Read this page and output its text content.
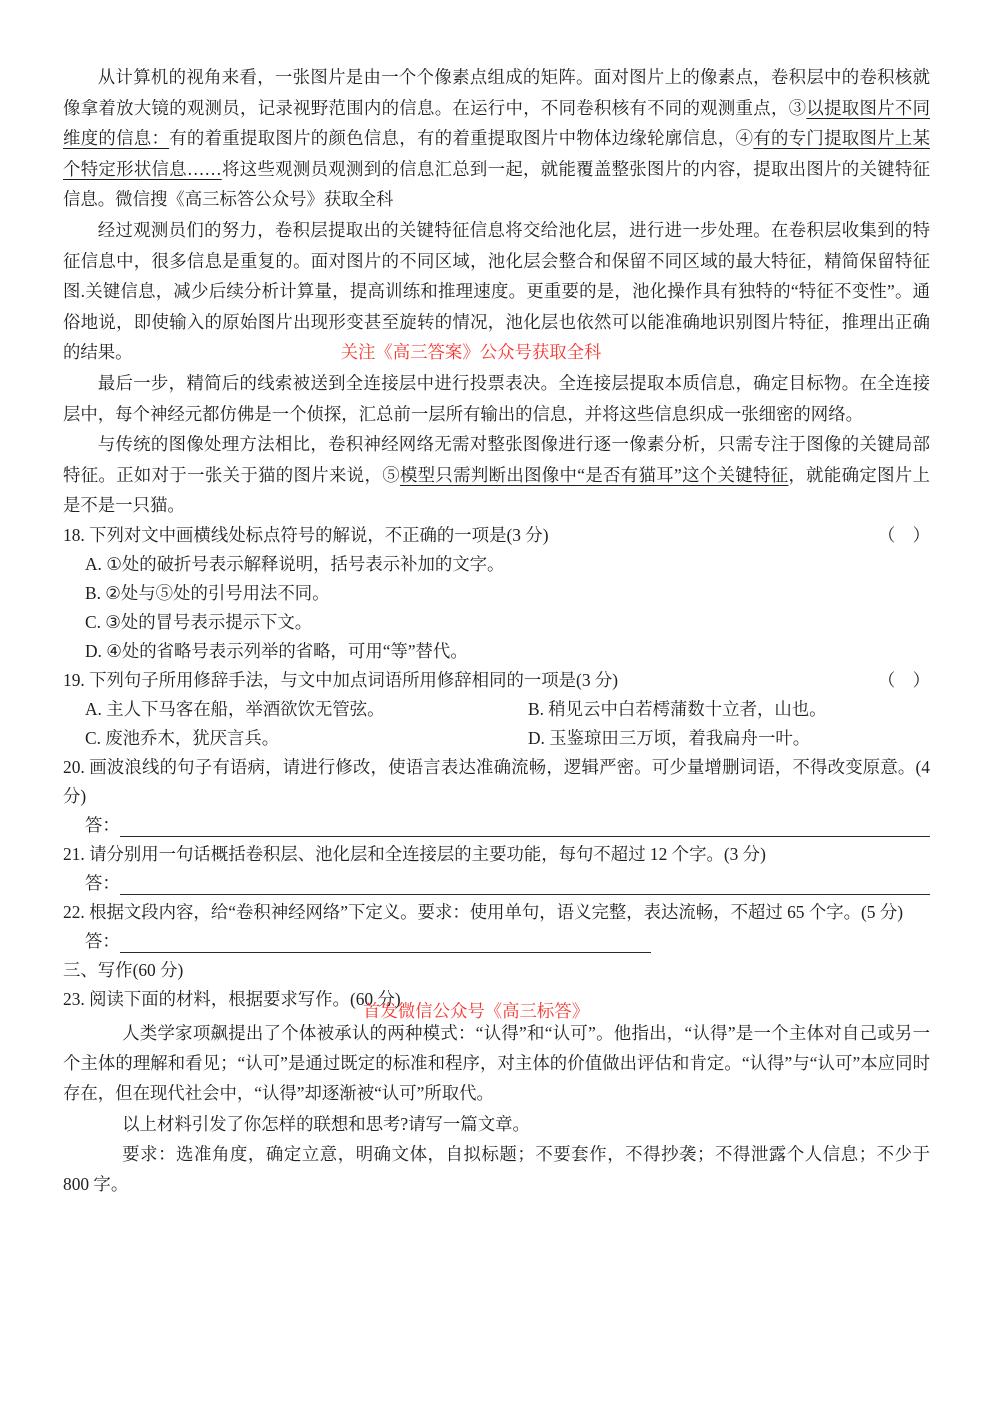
从计算机的视角来看，一张图片是由一个个像素点组成的矩阵。面对图片上的像素点，卷积层中的卷积核就像拿着放大镜的观测员，记录视野范围内的信息。在运行中，不同卷积核有不同的观测重点，③以提取图片不同维度的信息：有的着重提取图片的颜色信息，有的着重提取图片中物体边缘轮廓信息，④有的专门提取图片上某个特定形状信息……将这些观测员观测到的信息汇总到一起，就能覆盖整张图片的内容，提取出图片的关键特征信息。微信搜《高三标答公众号》获取全科

经过观测员们的努力，卷积层提取出的关键特征信息将交给池化层，进行进一步处理。在卷积层收集到的特征信息中，很多信息是重复的。面对图片的不同区域，池化层会整合和保留不同区域的最大特征，精简保留特征图.关键信息，减少后续分析计算量，提高训练和推理速度。更重要的是，池化操作具有独特的“特征不变性”。通俗地说，即使输入的原始图片出现形变甚至旋转的情况，池化层也依然可以能准确地识别图片特征，推理出正确的结果。	关注《高三答案》公众号获取全科

最后一步，精简后的线索被送到全连接层中进行投票表决。全连接层提取本质信息，确定目标物。在全连接层中，每个神经元都仿佛是一个侦探，汇总前一层所有输出的信息，并将这些信息织成一张细密的网络。

与传统的图像处理方法相比，卷积神经网络无需对整张图像进行逐一像素分析，只需专注于图像的关键局部特征。正如对于一张关于猫的图片来说，⑤模型只需判断出图像中“是否有猫耳”这个关键特征，就能确定图片上是不是一只猫。

18. 下列对文中画横线处标点符号的解说，不正确的一项是(3 分)	（　）
A. ①处的破折号表示解释说明，括号表示补加的文字。
B. ②处与⑤处的引号用法不同。
C. ③处的冒号表示提示下文。
D. ④处的省略号表示列举的省略，可用“等”替代。
19. 下列句子所用修辞手法，与文中加点词语所用修辞相同的一项是(3 分)	（　）
A. 主人下马客在船，举酒欲饮无管弦。	B. 稍见云中白若樗蒲数十立者，山也。
C. 废池乔木，犹厌言兵。	D. 玉鉴琼田三万顷，着我扁舟一叶。
20. 画波浪线的句子有语病，请进行修改，使语言表达准确流畅，逻辑严密。可少量增删词语，不得改变原意。(4 分)
答：
21. 请分别用一句话概括卷积层、池化层和全连接层的主要功能，每句不超过 12 个字。(3 分)
答：
22. 根据文段内容，给“卷积神经网络”下定义。要求：使用单句，语义完整，表达流畅，不超过 65 个字。(5 分)
答：
三、写作(60 分)
23. 阅读下面的材料，根据要求写作。(60 分)
首发微信公众号《高三标答》

人类学家项飙提出了个体被承认的两种模式：“认得”和“认可”。他指出，“认得”是一个主体对自己或另一个主体的理解和看见；“认可”是通过既定的标准和程序，对主体的价值做出评估和肯定。“认得”与“认可”本应同时存在，但在现代社会中，“认得”却逐渐被“认可”所取代。

以上材料引发了你怎样的联想和思考?请写一篇文章。

要求：选准角度，确定立意，明确文体，自拟标题；不要套作，不得抄袭；不得泄露个人信息；不少于 800 字。
